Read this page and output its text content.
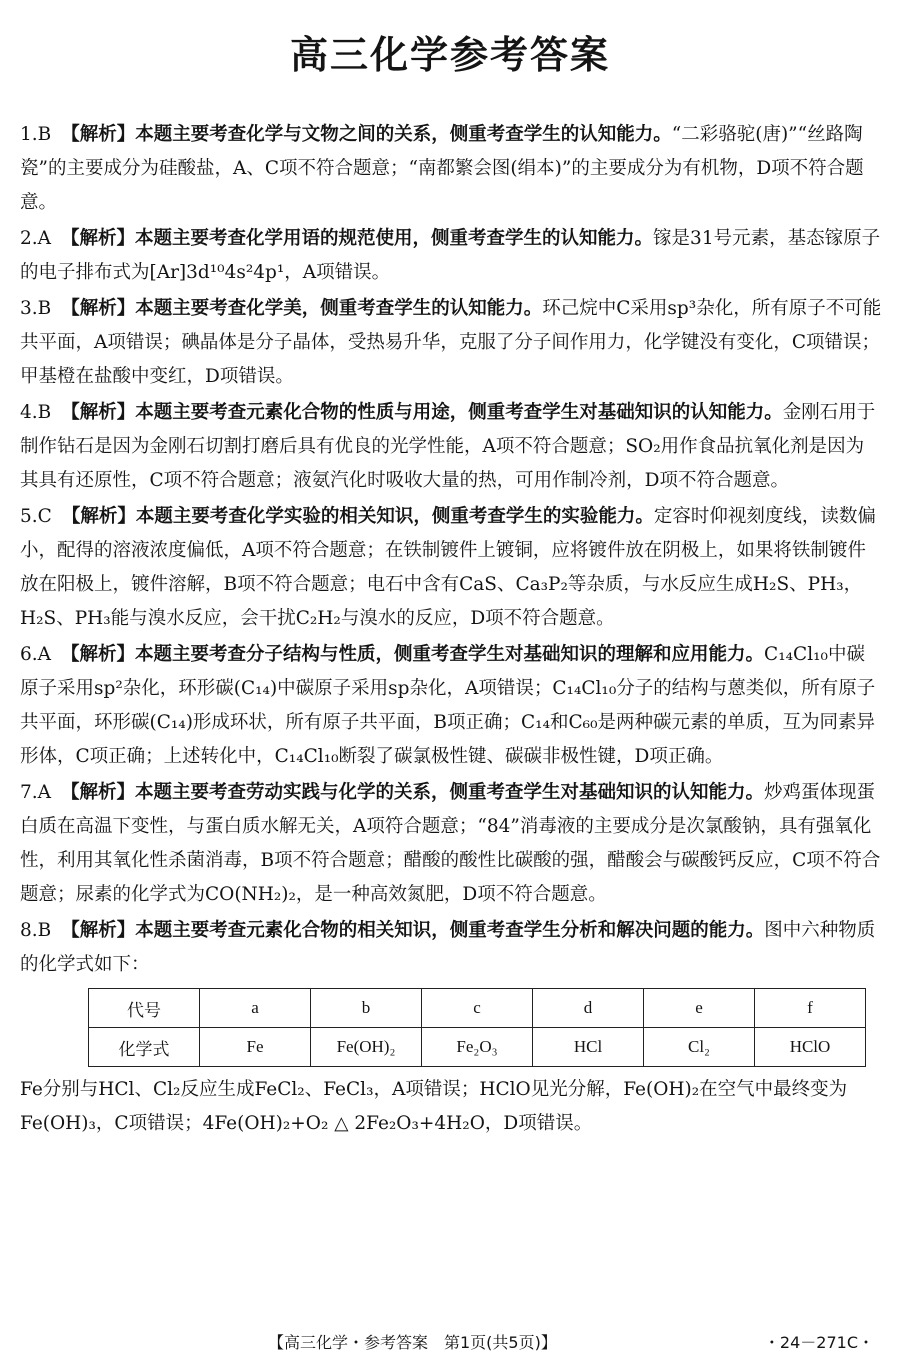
高三化学参考答案
1.B 【解析】本题主要考查化学与文物之间的关系，侧重考查学生的认知能力。“二彩骆驼(唐)”“丝路陶瓷”的主要成分为硅酸盐，A、C项不符合题意；“南都繁会图(绢本)”的主要成分为有机物，D项不符合题意。
2.A 【解析】本题主要考查化学用语的规范使用，侧重考查学生的认知能力。镓是31号元素，基态镓原子的电子排布式为[Ar]3d¹⁰4s²4p¹，A项错误。
3.B 【解析】本题主要考查化学美，侧重考查学生的认知能力。环己烷中C采用sp³杂化，所有原子不可能共平面，A项错误；碘晶体是分子晶体，受热易升华，克服了分子间作用力，化学键没有变化，C项错误；甲基橙在盐酸中变红，D项错误。
4.B 【解析】本题主要考查元素化合物的性质与用途，侧重考查学生对基础知识的认知能力。金刚石用于制作钻石是因为金刚石切割打磨后具有优良的光学性能，A项不符合题意；SO₂用作食品抗氧化剂是因为其具有还原性，C项不符合题意；液氨汽化时吸收大量的热，可用作制冷剂，D项不符合题意。
5.C 【解析】本题主要考查化学实验的相关知识，侧重考查学生的实验能力。定容时仰视刻度线，读数偏小，配得的溶液浓度偏低，A项不符合题意；在铁制镀件上镀铜，应将镀件放在阴极上，如果将铁制镀件放在阳极上，镀件溶解，B项不符合题意；电石中含有CaS、Ca₃P₂等杂质，与水反应生成H₂S、PH₃，H₂S、PH₃能与溴水反应，会干扰C₂H₂与溴水的反应，D项不符合题意。
6.A 【解析】本题主要考查分子结构与性质，侧重考查学生对基础知识的理解和应用能力。C₁₄Cl₁₀中碳原子采用sp²杂化，环形碳(C₁₄)中碳原子采用sp杂化，A项错误；C₁₄Cl₁₀分子的结构与蒽类似，所有原子共平面，环形碳(C₁₄)形成环状，所有原子共平面，B项正确；C₁₄和C₆₀是两种碳元素的单质，互为同素异形体，C项正确；上述转化中，C₁₄Cl₁₀断裂了碳氯极性键、碳碳非极性键，D项正确。
7.A 【解析】本题主要考查劳动实践与化学的关系，侧重考查学生对基础知识的认知能力。炒鸡蛋体现蛋白质在高温下变性，与蛋白质水解无关，A项符合题意；“84”消毒液的主要成分是次氯酸钠，具有强氧化性，利用其氧化性杀菌消毒，B项不符合题意；醋酸的酸性比碳酸的强，醋酸会与碳酸钙反应，C项不符合题意；尿素的化学式为CO(NH₂)₂，是一种高效氮肥，D项不符合题意。
8.B 【解析】本题主要考查元素化合物的相关知识，侧重考查学生分析和解决问题的能力。图中六种物质的化学式如下：
代号	a	b	c	d	e	f
化学式	Fe	Fe(OH)₂	Fe₂O₃	HCl	Cl₂	HClO
Fe分别与HCl、Cl₂反应生成FeCl₂、FeCl₃，A项错误；HClO见光分解，Fe(OH)₂在空气中最终变为Fe(OH)₃，C项错误；4Fe(OH)₂+O₂ △ 2Fe₂O₃+4H₂O，D项错误。
【高三化学・参考答案　第1页(共5页)】	・24－271C・
